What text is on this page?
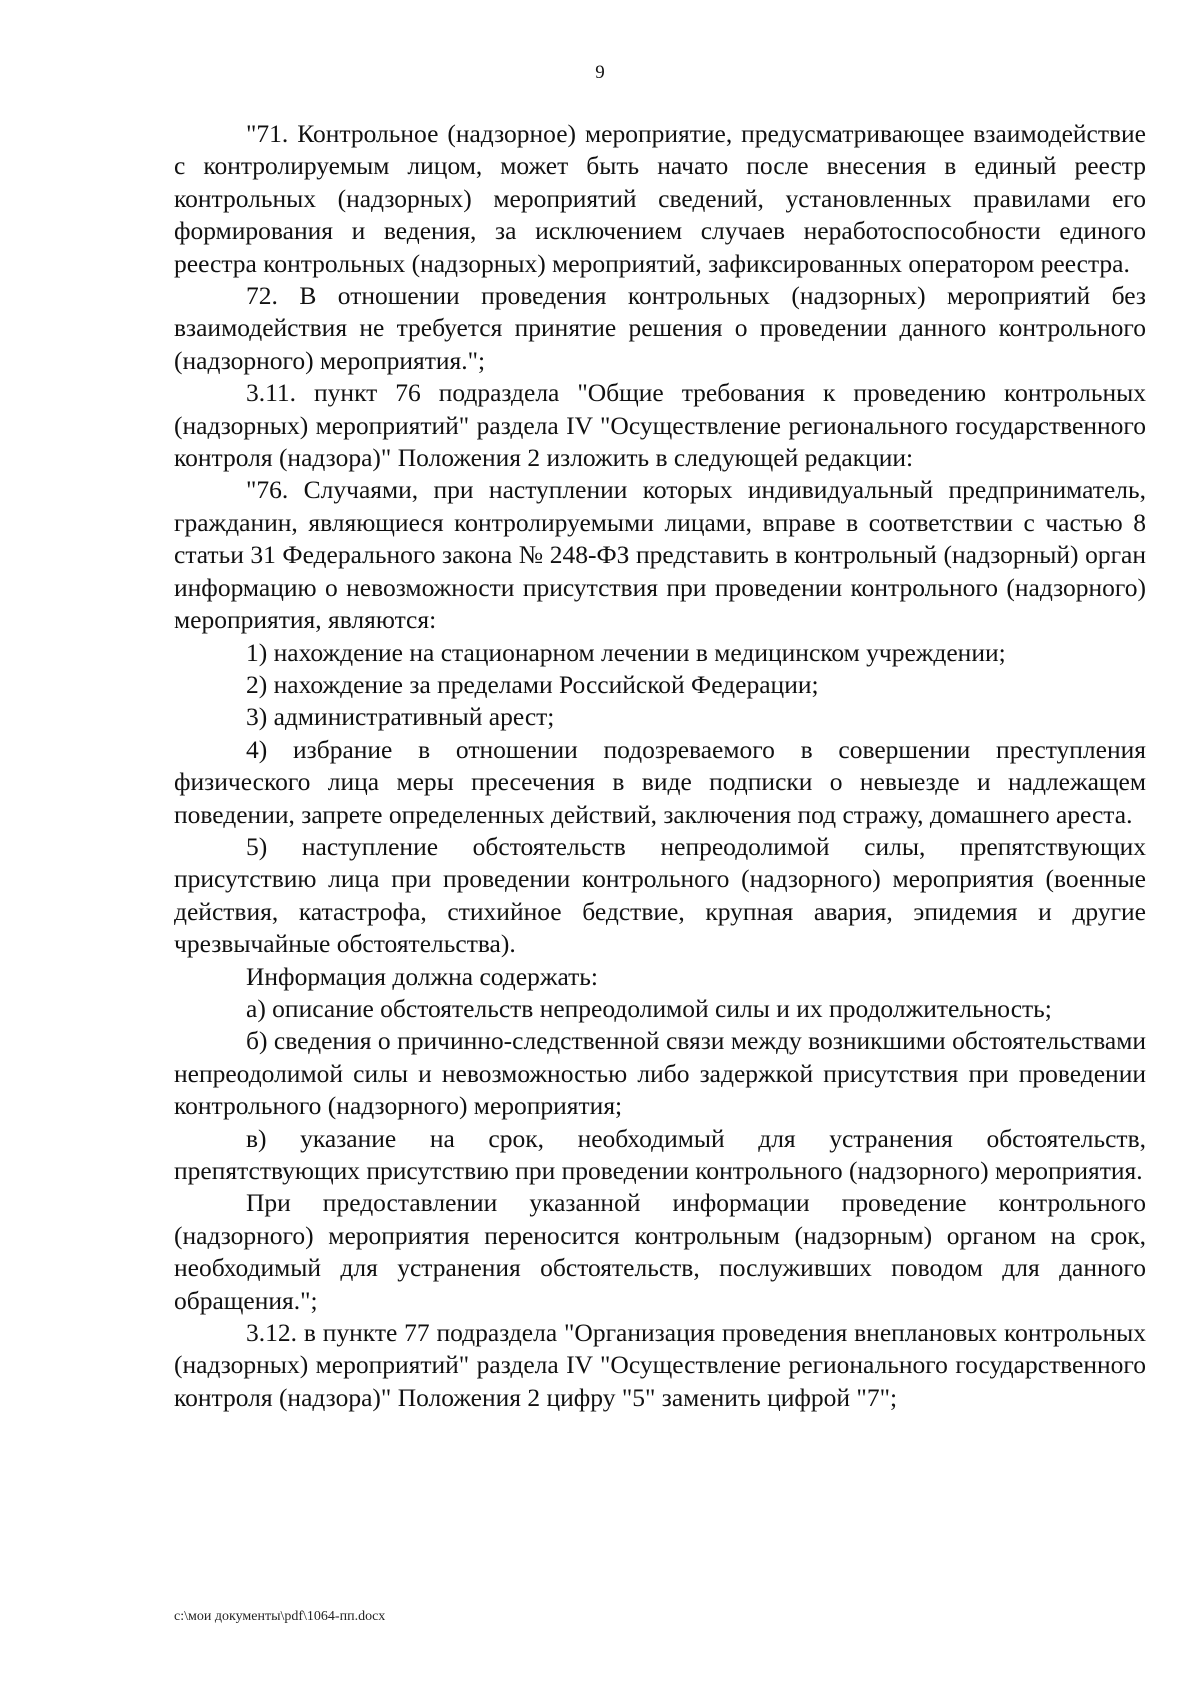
9

"71. Контрольное (надзорное) мероприятие, предусматривающее взаимодействие с контролируемым лицом, может быть начато после внесения в единый реестр контрольных (надзорных) мероприятий сведений, установленных правилами его формирования и ведения, за исключением случаев неработоспособности единого реестра контрольных (надзорных) мероприятий, зафиксированных оператором реестра.

72. В отношении проведения контрольных (надзорных) мероприятий без взаимодействия не требуется принятие решения о проведении данного контрольного (надзорного) мероприятия.";

3.11. пункт 76 подраздела "Общие требования к проведению контрольных (надзорных) мероприятий" раздела IV "Осуществление регионального государственного контроля (надзора)" Положения 2 изложить в следующей редакции:

"76. Случаями, при наступлении которых индивидуальный предприниматель, гражданин, являющиеся контролируемыми лицами, вправе в соответствии с частью 8 статьи 31 Федерального закона № 248-ФЗ представить в контрольный (надзорный) орган информацию о невозможности присутствия при проведении контрольного (надзорного) мероприятия, являются:

1) нахождение на стационарном лечении в медицинском учреждении;

2) нахождение за пределами Российской Федерации;

3) административный арест;

4) избрание в отношении подозреваемого в совершении преступления физического лица меры пресечения в виде подписки о невыезде и надлежащем поведении, запрете определенных действий, заключения под стражу, домашнего ареста.

5) наступление обстоятельств непреодолимой силы, препятствующих присутствию лица при проведении контрольного (надзорного) мероприятия (военные действия, катастрофа, стихийное бедствие, крупная авария, эпидемия и другие чрезвычайные обстоятельства).

Информация должна содержать:

а) описание обстоятельств непреодолимой силы и их продолжительность;

б) сведения о причинно-следственной связи между возникшими обстоятельствами непреодолимой силы и невозможностью либо задержкой присутствия при проведении контрольного (надзорного) мероприятия;

в) указание на срок, необходимый для устранения обстоятельств, препятствующих присутствию при проведении контрольного (надзорного) мероприятия.

При предоставлении указанной информации проведение контрольного (надзорного) мероприятия переносится контрольным (надзорным) органом на срок, необходимый для устранения обстоятельств, послуживших поводом для данного обращения.";

3.12. в пункте 77 подраздела "Организация проведения внеплановых контрольных (надзорных) мероприятий" раздела IV "Осуществление регионального государственного контроля (надзора)" Положения 2 цифру "5" заменить цифрой "7";

c:\мои документы\pdf\1064-пп.docx
